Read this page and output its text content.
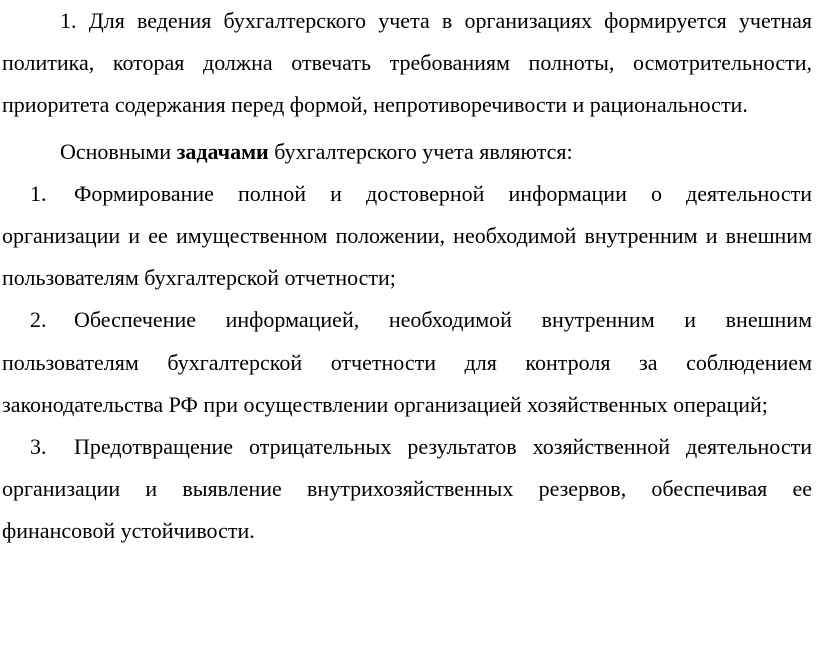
1. Для ведения бухгалтерского учета в организациях формируется учетная политика, которая должна отвечать требованиям полноты, осмотрительности, приоритета содержания перед формой, непротиворечивости и рациональности.

Основными задачами бухгалтерского учета являются:

1. Формирование полной и достоверной информации о деятельности организации и ее имущественном положении, необходимой внутренним и внешним пользователям бухгалтерской отчетности;

2. Обеспечение информацией, необходимой внутренним и внешним пользователям бухгалтерской отчетности для контроля за соблюдением законодательства РФ при осуществлении организацией хозяйственных операций;

3. Предотвращение отрицательных результатов хозяйственной деятельности организации и выявление внутрихозяйственных резервов, обеспечивая ее финансовой устойчивости.
